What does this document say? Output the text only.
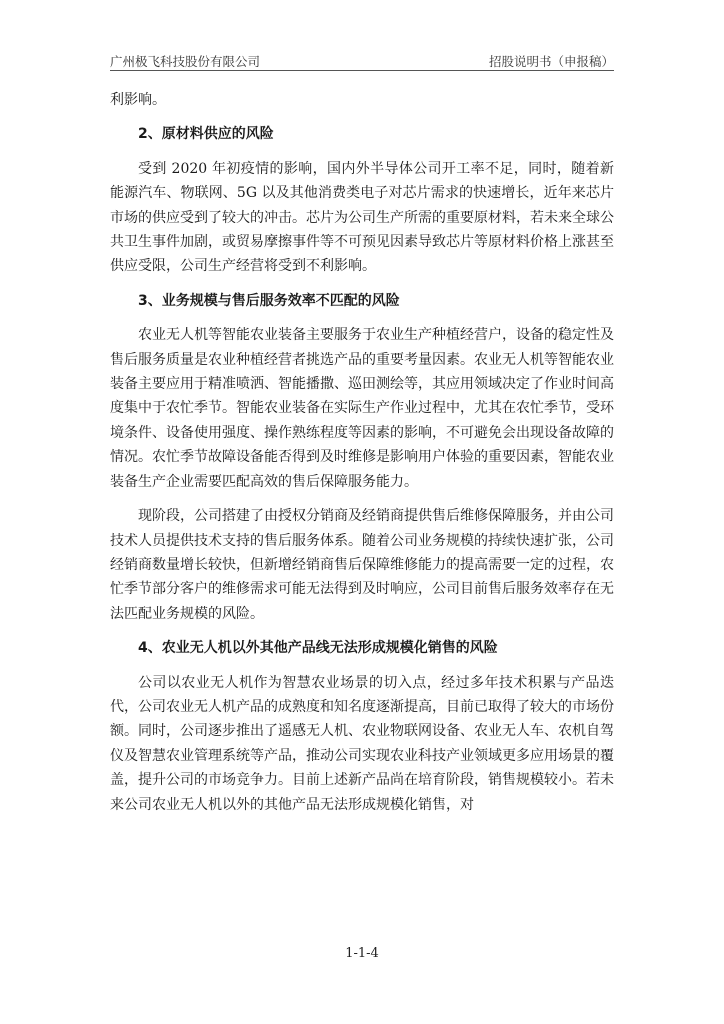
广州极飞科技股份有限公司	招股说明书（申报稿）

利影响。

2、原材料供应的风险

受到 2020 年初疫情的影响，国内外半导体公司开工率不足，同时，随着新能源汽车、物联网、5G 以及其他消费类电子对芯片需求的快速增长，近年来芯片市场的供应受到了较大的冲击。芯片为公司生产所需的重要原材料，若未来全球公共卫生事件加剧，或贸易摩擦事件等不可预见因素导致芯片等原材料价格上涨甚至供应受限，公司生产经营将受到不利影响。

3、业务规模与售后服务效率不匹配的风险

农业无人机等智能农业装备主要服务于农业生产种植经营户，设备的稳定性及售后服务质量是农业种植经营者挑选产品的重要考量因素。农业无人机等智能农业装备主要应用于精准喷洒、智能播撒、巡田测绘等，其应用领域决定了作业时间高度集中于农忙季节。智能农业装备在实际生产作业过程中，尤其在农忙季节，受环境条件、设备使用强度、操作熟练程度等因素的影响，不可避免会出现设备故障的情况。农忙季节故障设备能否得到及时维修是影响用户体验的重要因素，智能农业装备生产企业需要匹配高效的售后保障服务能力。

现阶段，公司搭建了由授权分销商及经销商提供售后维修保障服务，并由公司技术人员提供技术支持的售后服务体系。随着公司业务规模的持续快速扩张，公司经销商数量增长较快，但新增经销商售后保障维修能力的提高需要一定的过程，农忙季节部分客户的维修需求可能无法得到及时响应，公司目前售后服务效率存在无法匹配业务规模的风险。

4、农业无人机以外其他产品线无法形成规模化销售的风险

公司以农业无人机作为智慧农业场景的切入点，经过多年技术积累与产品迭代，公司农业无人机产品的成熟度和知名度逐渐提高，目前已取得了较大的市场份额。同时，公司逐步推出了遥感无人机、农业物联网设备、农业无人车、农机自驾仪及智慧农业管理系统等产品，推动公司实现农业科技产业领域更多应用场景的覆盖，提升公司的市场竞争力。目前上述新产品尚在培育阶段，销售规模较小。若未来公司农业无人机以外的其他产品无法形成规模化销售，对

1-1-4
